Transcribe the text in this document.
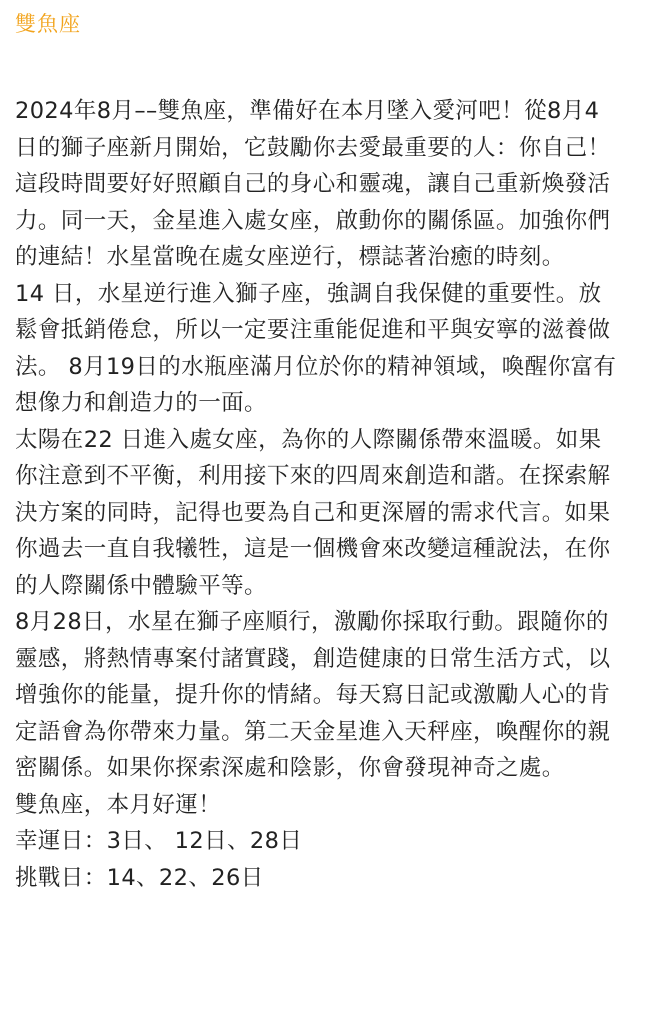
雙魚座
2024年8月––雙魚座，準備好在本月墜入愛河吧！從8月4
日的獅子座新月開始，它鼓勵你去愛最重要的人：你自己！
這段時間要好好照顧自己的身心和靈魂，讓自己重新煥發活
力。同一天，金星進入處女座，啟動你的關係區。加強你們
的連結！水星當晚在處女座逆行，標誌著治癒的時刻。
14 日，水星逆行進入獅子座，強調自我保健的重要性。放
鬆會抵銷倦怠，所以一定要注重能促進和平與安寧的滋養做
法。 8月19日的水瓶座滿月位於你的精神領域，喚醒你富有
想像力和創造力的一面。
太陽在22 日進入處女座，為你的人際關係帶來溫暖。如果
你注意到不平衡，利用接下來的四周來創造和諧。在探索解
決方案的同時，記得也要為自己和更深層的需求代言。如果
你過去一直自我犧牲，這是一個機會來改變這種說法，在你
的人際關係中體驗平等。
8月28日，水星在獅子座順行，激勵你採取行動。跟隨你的
靈感，將熱情專案付諸實踐，創造健康的日常生活方式，以
增強你的能量，提升你的情緒。每天寫日記或激勵人心的肯
定語會為你帶來力量。第二天金星進入天秤座，喚醒你的親
密關係。如果你探索深處和陰影，你會發現神奇之處。
雙魚座，本月好運！
幸運日：3日、 12日、28日
挑戰日：14、22、26日
